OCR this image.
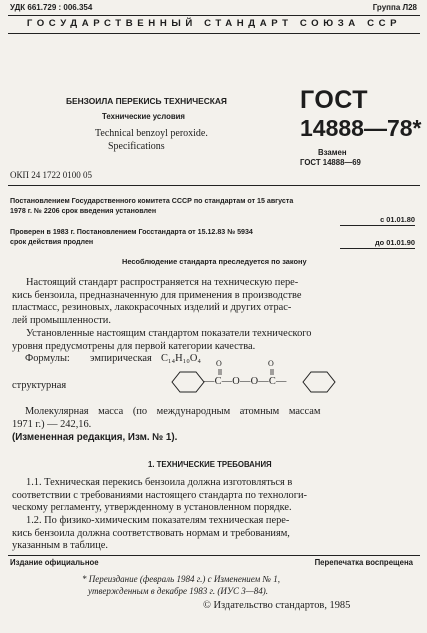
УДК 661.729 : 006.354	Группа Л28
ГОСУДАРСТВЕННЫЙ СТАНДАРТ СОЮЗА ССР
БЕНЗОИЛА ПЕРЕКИСЬ ТЕХНИЧЕСКАЯ
Технические условия
Technical benzoyl peroxide.
Specifications
ГОСТ
14888—78*
Взамен
ГОСТ 14888—69
ОКП 24 1722 0100 05
Постановлением Государственного комитета СССР по стандартам от 15 августа
1978 г. № 2206 срок введения установлен
с 01.01.80
Проверен в 1983 г. Постановлением Госстандарта от 15.12.83 № 5934
срок действия продлен	до 01.01.90
Несоблюдение стандарта преследуется по закону
Настоящий стандарт распространяется на техническую пере-
кись бензоила, предназначенную для применения в производстве
пластмасс, резиновых, лакокрасочных изделий и других отрас-
лей промышленности.
Установленные настоящим стандартом показатели технического
уровня предусмотрены для первой категории качества.
Формулы: эмпирическая C₁₄H₁₀O₄
структурная
O	O
—C—O—O—C—
Молекулярная масса (по международным атомным массам
1971 г.) — 242,16.
(Измененная редакция, Изм. № 1).
1. ТЕХНИЧЕСКИЕ ТРЕБОВАНИЯ
1.1. Техническая перекись бензоила должна изготовляться в
соответствии с требованиями настоящего стандарта по технологи-
ческому регламенту, утвержденному в установленном порядке.
1.2. По физико-химическим показателям техническая пере-
кись бензоила должна соответствовать нормам и требованиям,
указанным в таблице.
Издание официальное	Перепечатка воспрещена
* Переиздание (февраль 1984 г.) с Изменением № 1,
утвержденным в декабре 1983 г. (ИУС 3—84).
© Издательство стандартов, 1985
